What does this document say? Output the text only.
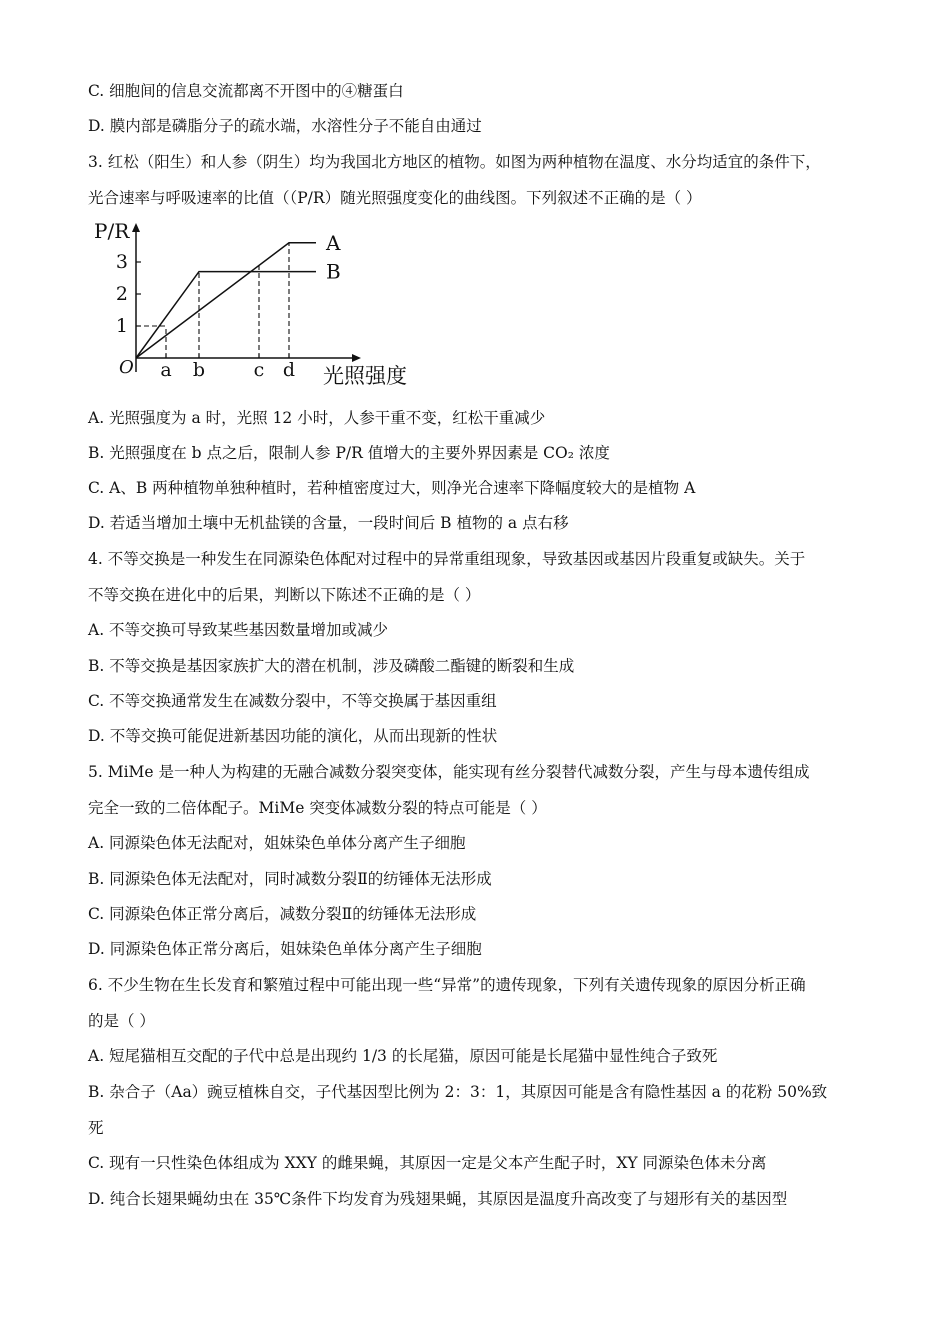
C. 细胞间的信息交流都离不开图中的④糖蛋白
D. 膜内部是磷脂分子的疏水端，水溶性分子不能自由通过
3. 红松（阳生）和人参（阴生）均为我国北方地区的植物。如图为两种植物在温度、水分均适宜的条件下，
光合速率与呼吸速率的比值（（P/R）随光照强度变化的曲线图。下列叙述不正确的是（ ）
P/R
O	光照强度
1
2
3
a b	c d
A
B
A. 光照强度为 a 时，光照 12 小时，人参干重不变，红松干重减少
B. 光照强度在 b 点之后，限制人参 P/R 值增大的主要外界因素是 CO₂ 浓度
C. A、B 两种植物单独种植时，若种植密度过大，则净光合速率下降幅度较大的是植物 A
D. 若适当增加土壤中无机盐镁的含量，一段时间后 B 植物的 a 点右移
4. 不等交换是一种发生在同源染色体配对过程中的异常重组现象，导致基因或基因片段重复或缺失。关于
不等交换在进化中的后果，判断以下陈述不正确的是（ ）
A. 不等交换可导致某些基因数量增加或减少
B. 不等交换是基因家族扩大的潜在机制，涉及磷酸二酯键的断裂和生成
C. 不等交换通常发生在减数分裂中，不等交换属于基因重组
D. 不等交换可能促进新基因功能的演化，从而出现新的性状
5. MiMe 是一种人为构建的无融合减数分裂突变体，能实现有丝分裂替代减数分裂，产生与母本遗传组成
完全一致的二倍体配子。MiMe 突变体减数分裂的特点可能是（ ）
A. 同源染色体无法配对，姐妹染色单体分离产生子细胞
B. 同源染色体无法配对，同时减数分裂Ⅱ的纺锤体无法形成
C. 同源染色体正常分离后，减数分裂Ⅱ的纺锤体无法形成
D. 同源染色体正常分离后，姐妹染色单体分离产生子细胞
6. 不少生物在生长发育和繁殖过程中可能出现一些“异常”的遗传现象，下列有关遗传现象的原因分析正确
的是（ ）
A. 短尾猫相互交配的子代中总是出现约 1/3 的长尾猫，原因可能是长尾猫中显性纯合子致死
B. 杂合子（Aa）豌豆植株自交，子代基因型比例为 2：3：1，其原因可能是含有隐性基因 a 的花粉 50%致
死
C. 现有一只性染色体组成为 XXY 的雌果蝇，其原因一定是父本产生配子时，XY 同源染色体未分离
D. 纯合长翅果蝇幼虫在 35℃条件下均发育为残翅果蝇，其原因是温度升高改变了与翅形有关的基因型
